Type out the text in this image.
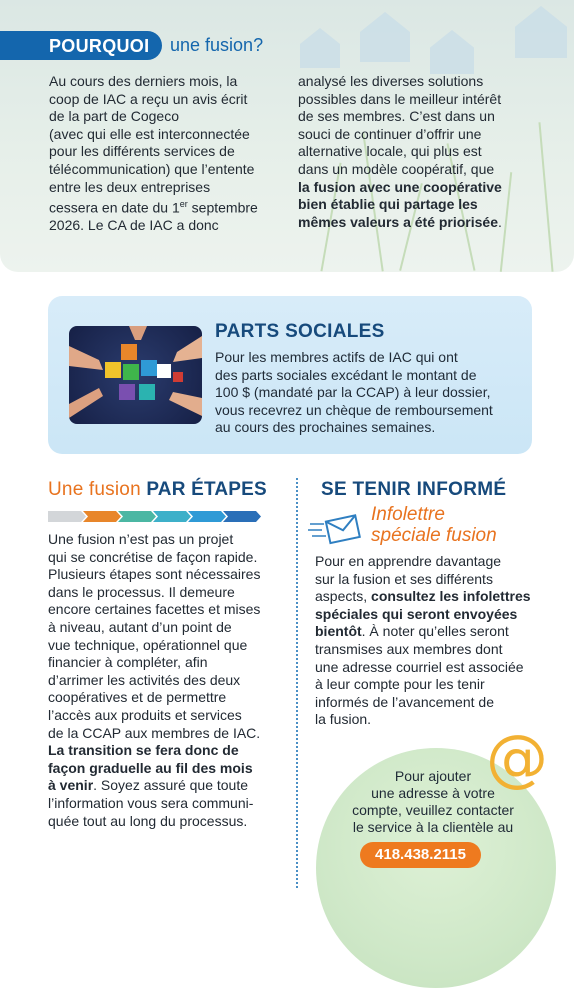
POURQUOI une fusion?
Au cours des derniers mois, la
coop de IAC a reçu un avis écrit
de la part de Cogeco
(avec qui elle est interconnectée
pour les différents services de
télécommunication) que l’entente
entre les deux entreprises
cessera en date du 1er septembre
2026. Le CA de IAC a donc
analysé les diverses solutions
possibles dans le meilleur intérêt
de ses membres. C’est dans un
souci de continuer d’offrir une
alternative locale, qui plus est
dans un modèle coopératif, que
la fusion avec une coopérative
bien établie qui partage les
mêmes valeurs a été priorisée.
PARTS SOCIALES
Pour les membres actifs de IAC qui ont
des parts sociales excédant le montant de
100 $ (mandaté par la CCAP) à leur dossier,
vous recevrez un chèque de remboursement
au cours des prochaines semaines.
Une fusion PAR ÉTAPES
Une fusion n’est pas un projet
qui se concrétise de façon rapide.
Plusieurs étapes sont nécessaires
dans le processus. Il demeure
encore certaines facettes et mises
à niveau, autant d’un point de
vue technique, opérationnel que
financier à compléter, afin
d’arrimer les activités des deux
coopératives et de permettre
l’accès aux produits et services
de la CCAP aux membres de IAC.
La transition se fera donc de
façon graduelle au fil des mois
à venir. Soyez assuré que toute
l’information vous sera communi-
quée tout au long du processus.
SE TENIR INFORMÉ
Infolettre
spéciale fusion
Pour en apprendre davantage
sur la fusion et ses différents
aspects, consultez les infolettres
spéciales qui seront envoyées
bientôt. À noter qu’elles seront
transmises aux membres dont
une adresse courriel est associée
à leur compte pour les tenir
informés de l’avancement de
la fusion.
@
Pour ajouter
une adresse à votre
compte, veuillez contacter
le service à la clientèle au
418.438.2115
